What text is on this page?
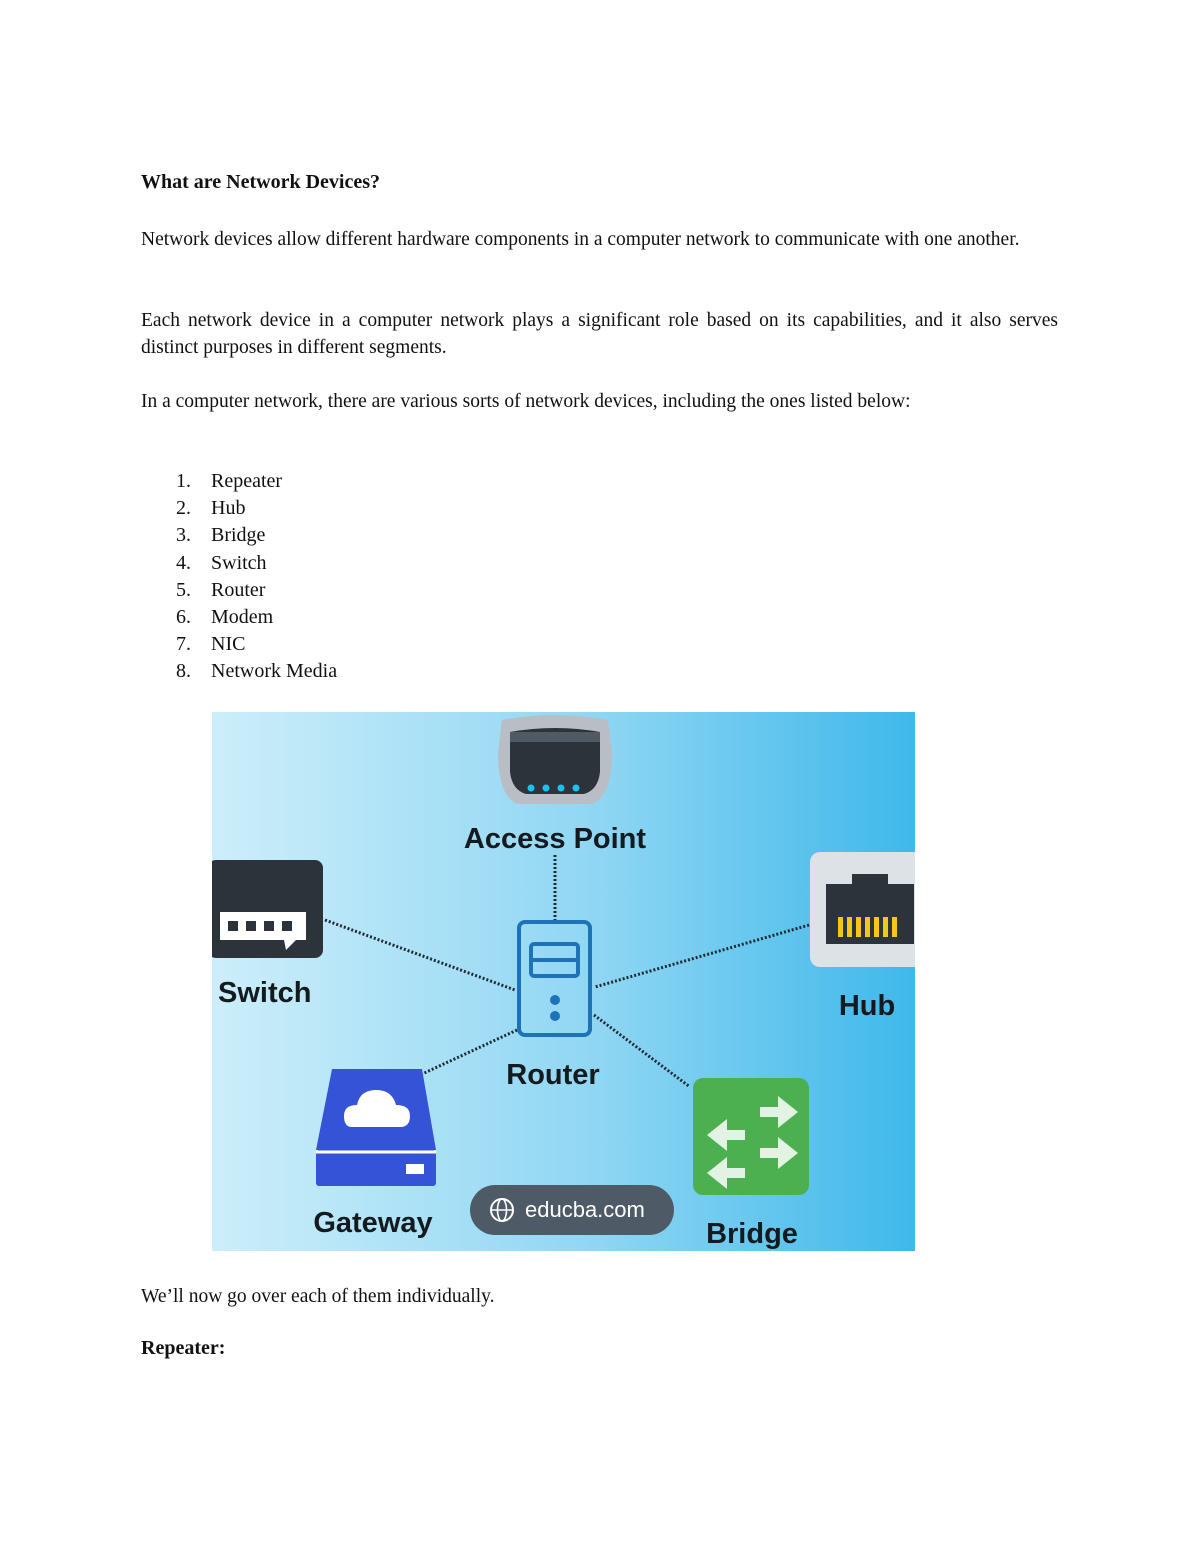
What are Network Devices?
Network devices allow different hardware components in a computer network to communicate with one another.
Each network device in a computer network plays a significant role based on its capabilities, and it also serves distinct purposes in different segments.
In a computer network, there are various sorts of network devices, including the ones listed below:
1.	Repeater
2.	Hub
3.	Bridge
4.	Switch
5.	Router
6.	Modem
7.	NIC
8.	Network Media
Access Point
Switch	Hub
Router
Gateway	Bridge
educba.com
We’ll now go over each of them individually.
Repeater:
